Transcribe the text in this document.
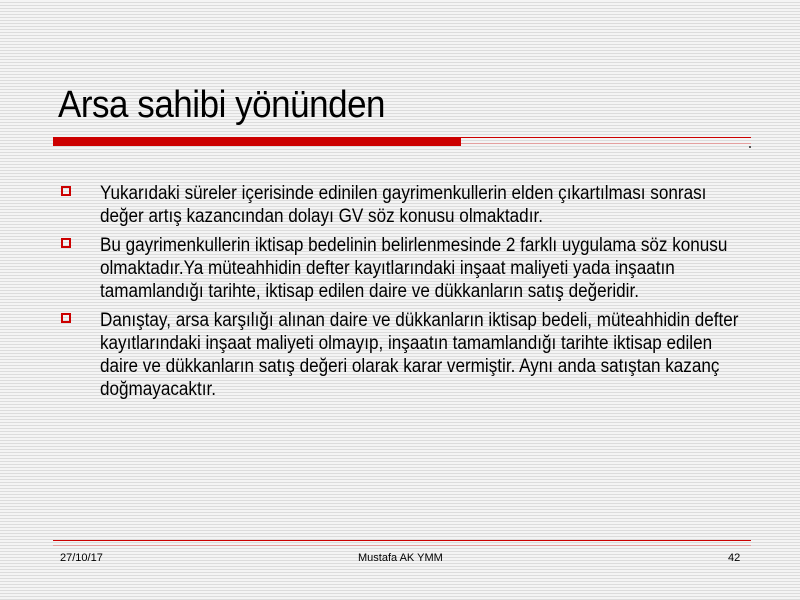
Arsa sahibi yönünden
Yukarıdaki süreler içerisinde edinilen gayrimenkullerin elden çıkartılması sonrası değer artış kazancından dolayı GV söz konusu olmaktadır.
Bu gayrimenkullerin iktisap bedelinin belirlenmesinde 2 farklı uygulama söz konusu olmaktadır.Ya müteahhidin defter kayıtlarındaki inşaat maliyeti yada inşaatın tamamlandığı tarihte, iktisap edilen daire ve dükkanların satış değeridir.
Danıştay, arsa karşılığı alınan daire ve dükkanların iktisap bedeli, müteahhidin defter kayıtlarındaki inşaat maliyeti olmayıp, inşaatın tamamlandığı tarihte iktisap edilen daire ve dükkanların satış değeri olarak karar vermiştir. Aynı anda satıştan kazanç doğmayacaktır.
27/10/17	Mustafa AK YMM	42
